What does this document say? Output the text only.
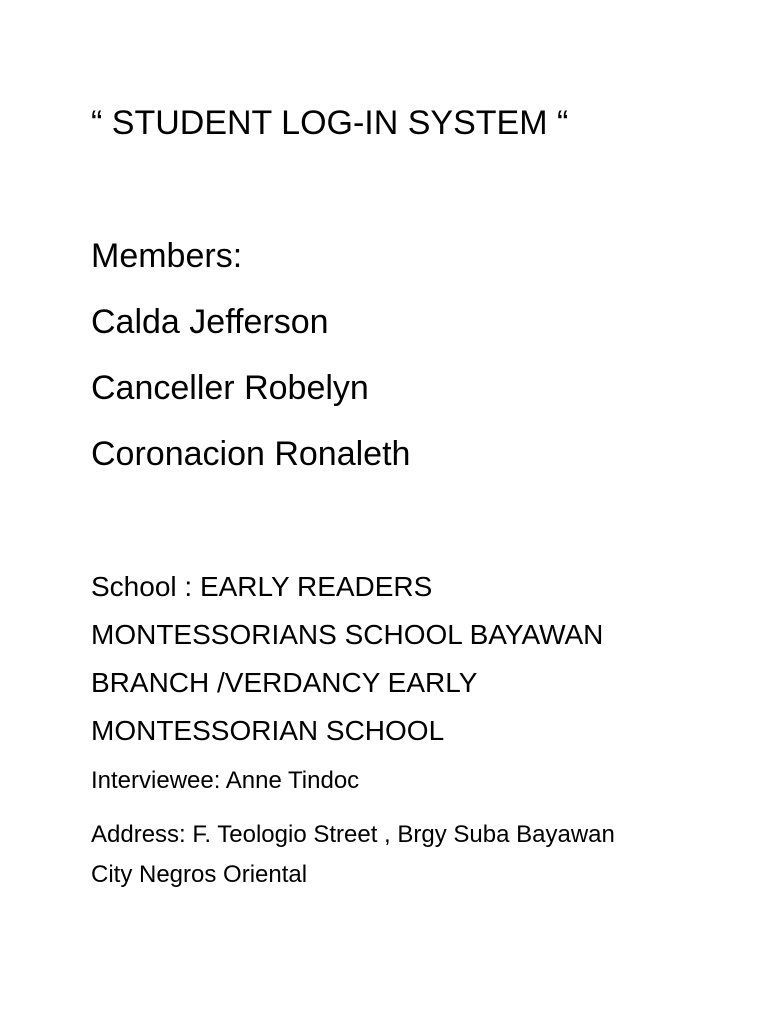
“ STUDENT LOG-IN SYSTEM “
Members:
Calda Jefferson
Canceller Robelyn
Coronacion Ronaleth
School : EARLY READERS
MONTESSORIANS SCHOOL BAYAWAN
BRANCH /VERDANCY EARLY
MONTESSORIAN SCHOOL
Interviewee: Anne Tindoc
Address: F. Teologio Street , Brgy Suba Bayawan
City Negros Oriental
